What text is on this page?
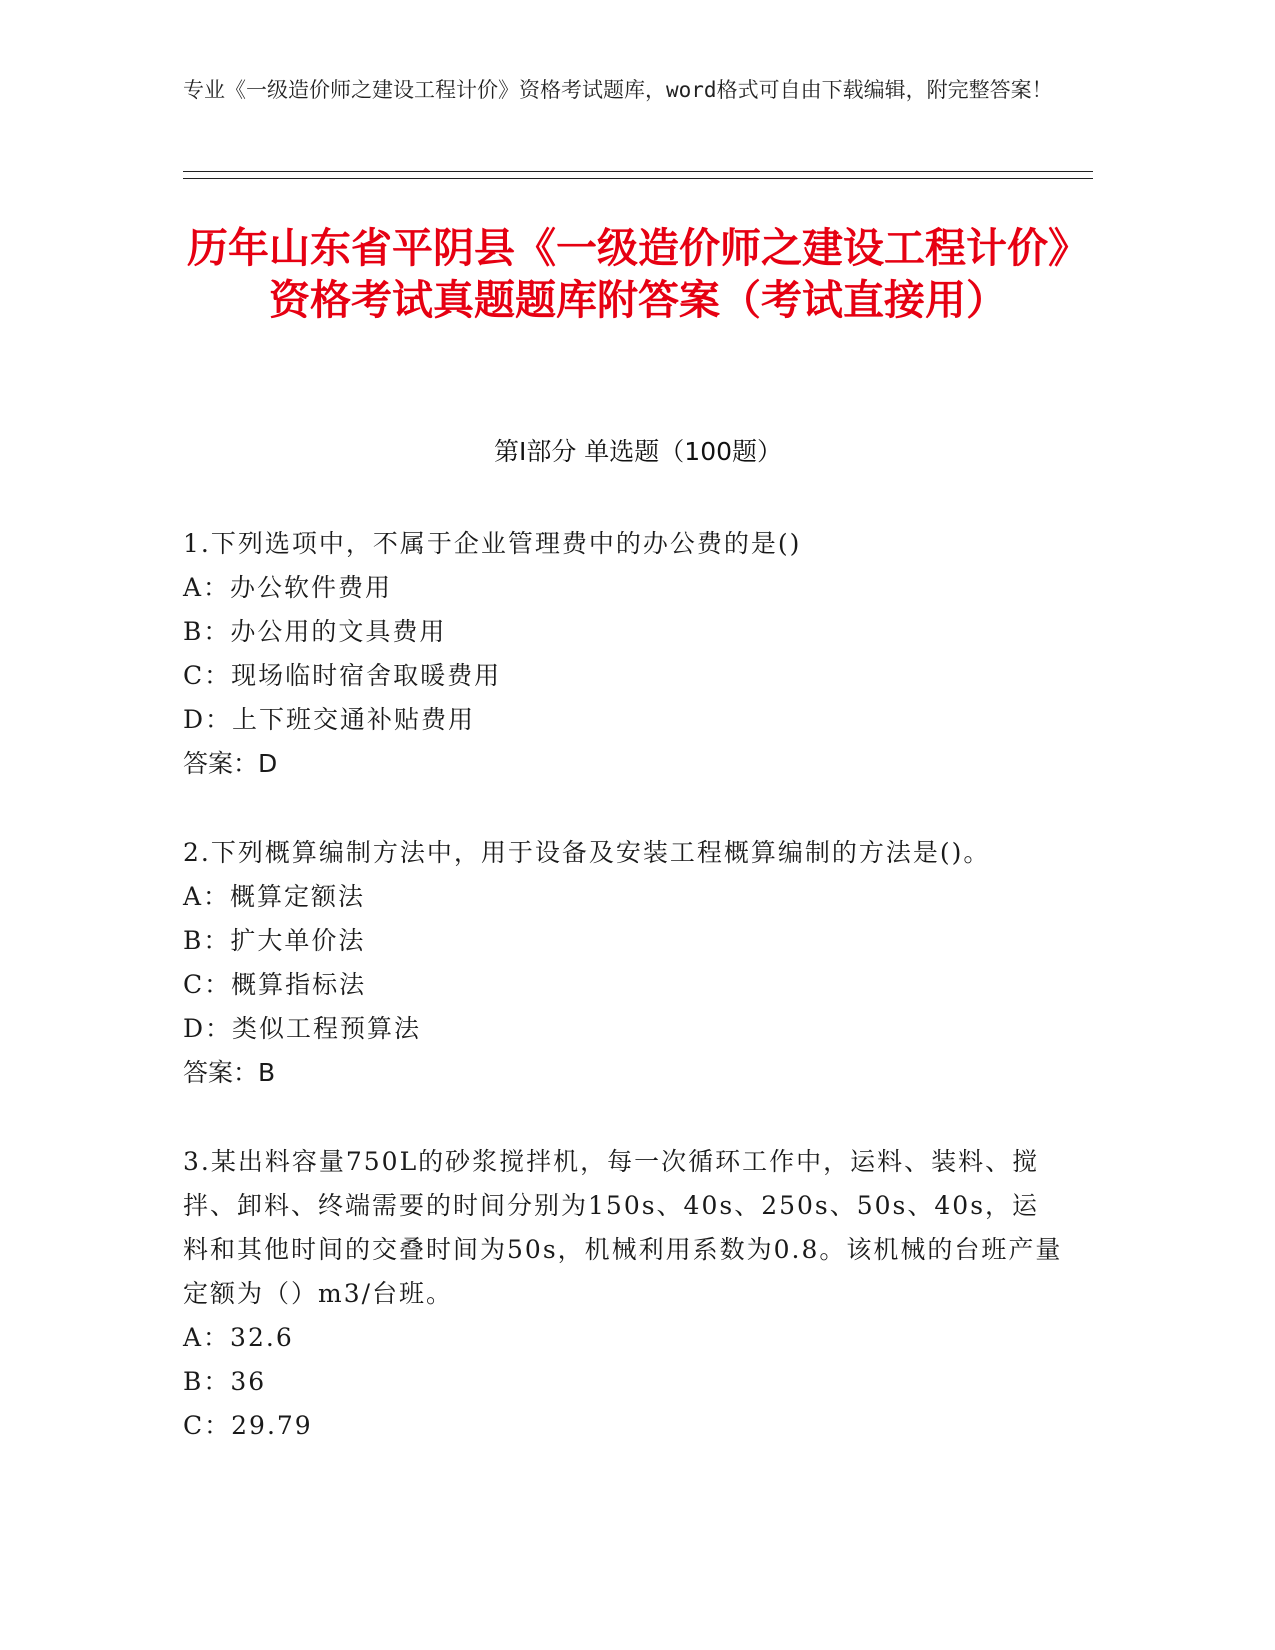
专业《一级造价师之建设工程计价》资格考试题库，word格式可自由下载编辑，附完整答案！
历年山东省平阴县《一级造价师之建设工程计价》资格考试真题题库附答案（考试直接用）
第Ⅰ部分 单选题（100题）

1.下列选项中，不属于企业管理费中的办公费的是()

A：办公软件费用

B：办公用的文具费用

C：现场临时宿舍取暖费用

D：上下班交通补贴费用

答案：D

2.下列概算编制方法中，用于设备及安装工程概算编制的方法是()。

A：概算定额法

B：扩大单价法

C：概算指标法

D：类似工程预算法

答案：B

3.某出料容量750L的砂浆搅拌机，每一次循环工作中，运料、装料、搅拌、卸料、终端需要的时间分别为150s、40s、250s、50s、40s，运料和其他时间的交叠时间为50s，机械利用系数为0.8。该机械的台班产量定额为（）m3/台班。

A：32.6

B：36

C：29.79
